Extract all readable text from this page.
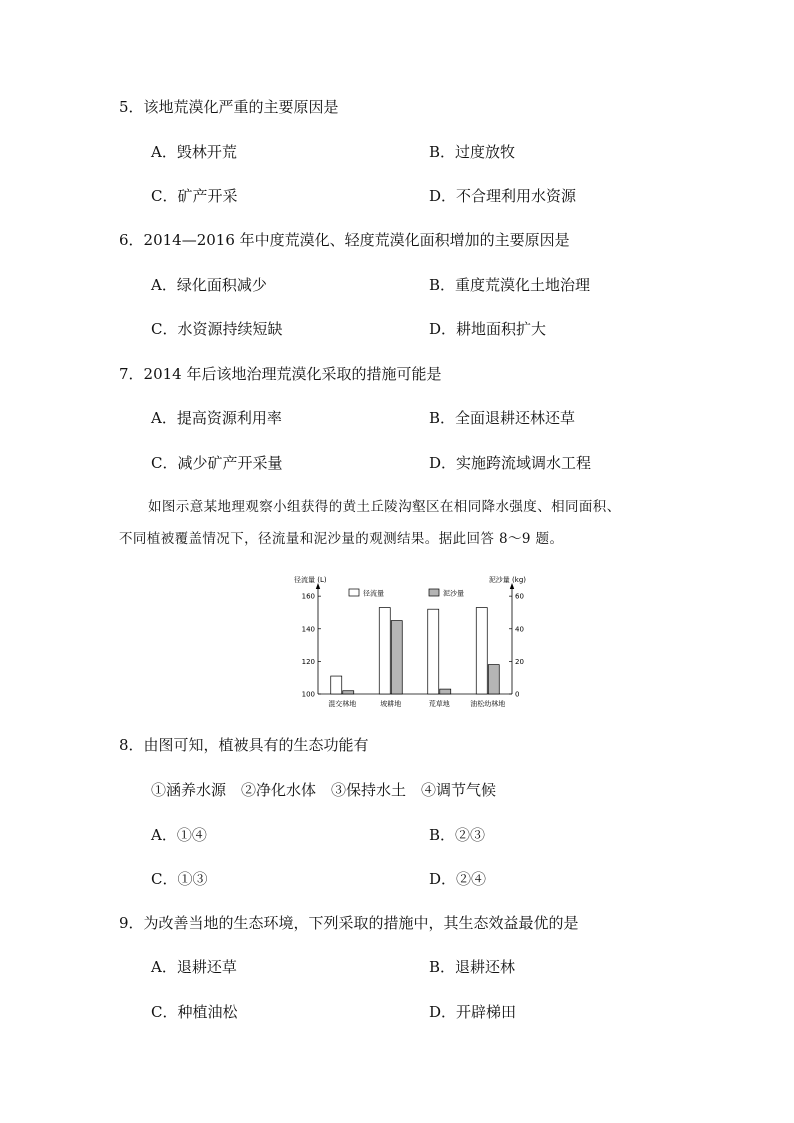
5．该地荒漠化严重的主要原因是
A．毁林开荒	B．过度放牧
C．矿产开采	D．不合理利用水资源
6．2014—2016 年中度荒漠化、轻度荒漠化面积增加的主要原因是
A．绿化面积减少	B．重度荒漠化土地治理
C．水资源持续短缺	D．耕地面积扩大
7．2014 年后该地治理荒漠化采取的措施可能是
A．提高资源利用率	B．全面退耕还林还草
C．减少矿产开采量	D．实施跨流域调水工程
如图示意某地理观察小组获得的黄土丘陵沟壑区在相同降水强度、相同面积、
不同植被覆盖情况下，径流量和泥沙量的观测结果。据此回答 8～9 题。
径流量 (L)	泥沙量 (kg)
径流量	泥沙量
100
120
140
160
0
20
40
60
混交林地	坡耕地	荒草地	油松幼林地
8．由图可知，植被具有的生态功能有
①涵养水源　②净化水体　③保持水土　④调节气候
A．①④	B．②③
C．①③	D．②④
9．为改善当地的生态环境，下列采取的措施中，其生态效益最优的是
A．退耕还草	B．退耕还林
C．种植油松	D．开辟梯田
